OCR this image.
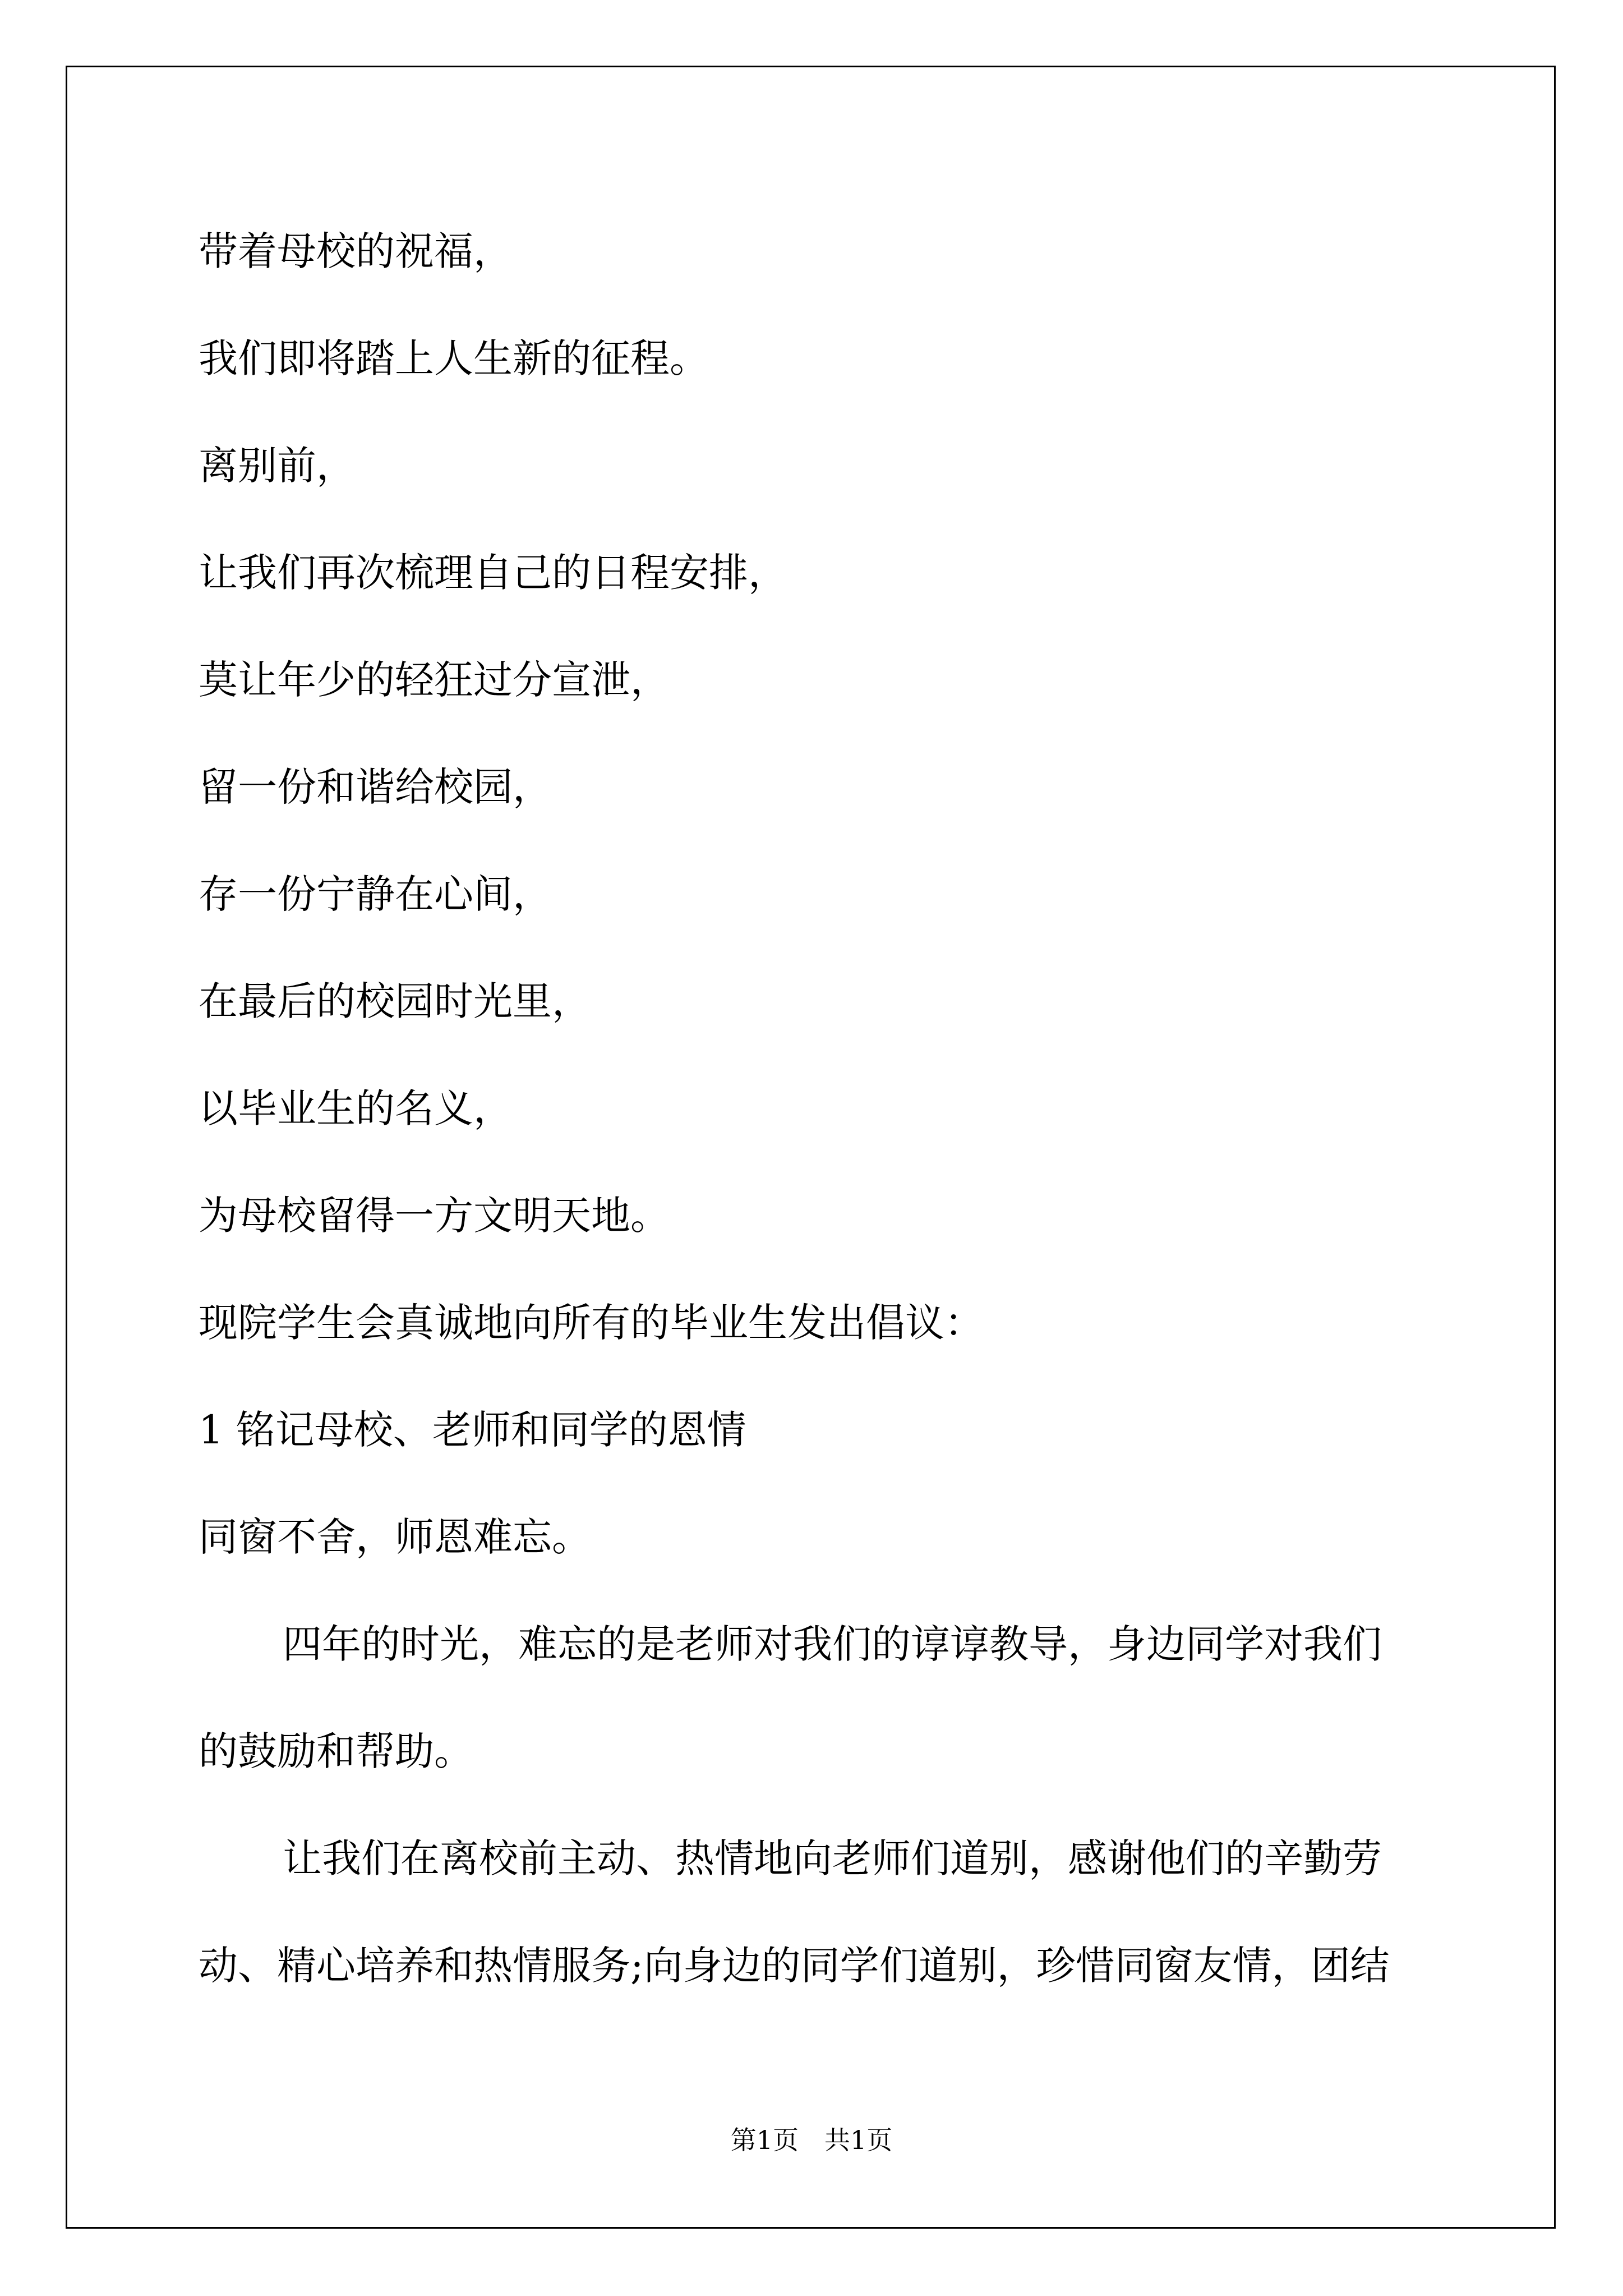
带着母校的祝福，
我们即将踏上人生新的征程。
离别前，
让我们再次梳理自己的日程安排，
莫让年少的轻狂过分宣泄，
留一份和谐给校园，
存一份宁静在心间，
在最后的校园时光里，
以毕业生的名义，
为母校留得一方文明天地。
现院学生会真诚地向所有的毕业生发出倡议：
1 铭记母校、老师和同学的恩情
同窗不舍，师恩难忘。
四年的时光，难忘的是老师对我们的谆谆教导，身边同学对我们
的鼓励和帮助。
让我们在离校前主动、热情地向老师们道别，感谢他们的辛勤劳
动、精心培养和热情服务;向身边的同学们道别，珍惜同窗友情，团结
第1页　共1页
